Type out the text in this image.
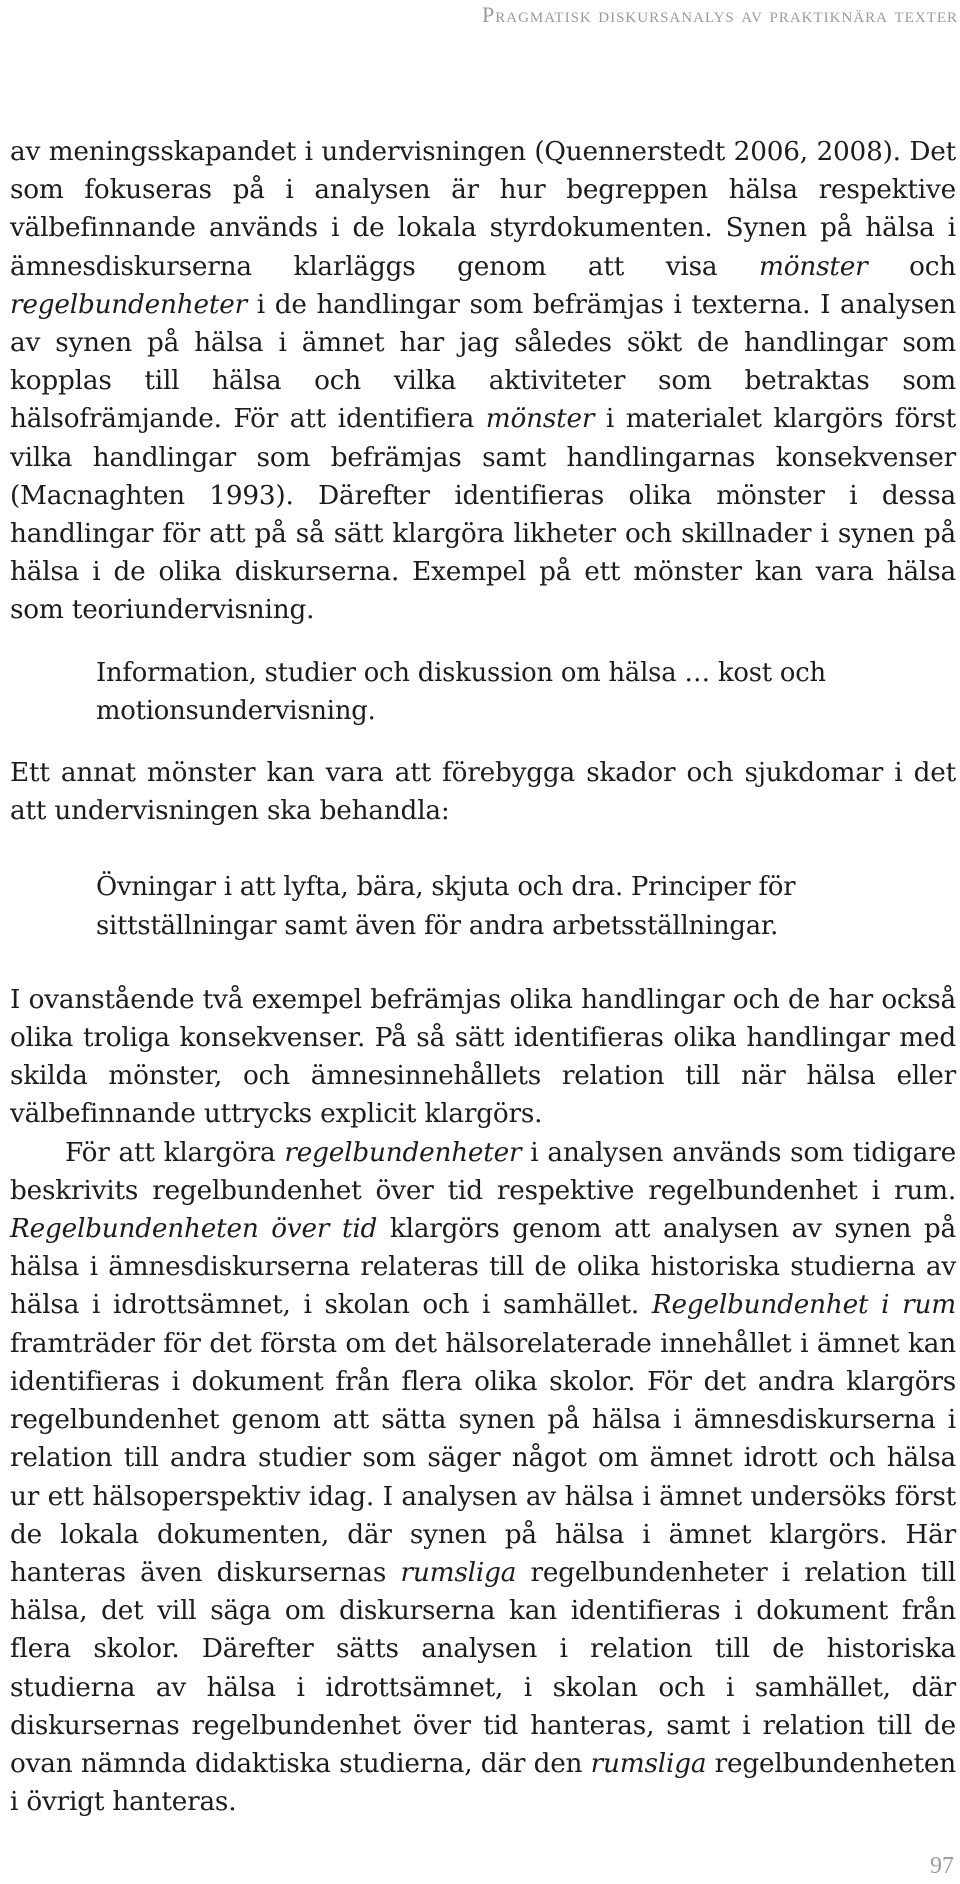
Pragmatisk diskursanalys av praktiknära texter

av meningsskapandet i undervisningen (Quennerstedt 2006, 2008). Det som fokuseras på i analysen är hur begreppen hälsa respektive välbefinnande används i de lokala styrdokumenten. Synen på hälsa i ämnesdiskurserna klarläggs genom att visa mönster och regelbundenheter i de handlingar som befrämjas i texterna. I analysen av synen på hälsa i ämnet har jag således sökt de handlingar som kopplas till hälsa och vilka aktiviteter som betraktas som hälsofrämjande. För att identifiera mönster i materialet klargörs först vilka handlingar som befrämjas samt handlingarnas konsekvenser (Macnaghten 1993). Därefter identifieras olika mönster i dessa handlingar för att på så sätt klargöra likheter och skillnader i synen på hälsa i de olika diskurserna. Exempel på ett mönster kan vara hälsa som teoriundervisning.

Information, studier och diskussion om hälsa … kost och motionsundervisning.

Ett annat mönster kan vara att förebygga skador och sjukdomar i det att undervisningen ska behandla:

Övningar i att lyfta, bära, skjuta och dra. Principer för sittställningar samt även för andra arbetsställningar.

I ovanstående två exempel befrämjas olika handlingar och de har också olika troliga konsekvenser. På så sätt identifieras olika handlingar med skilda mönster, och ämnesinnehållets relation till när hälsa eller välbefinnande uttrycks explicit klargörs.

För att klargöra regelbundenheter i analysen används som tidigare beskrivits regelbundenhet över tid respektive regelbundenhet i rum. Regelbundenheten över tid klargörs genom att analysen av synen på hälsa i ämnesdiskurserna relateras till de olika historiska studierna av hälsa i idrottsämnet, i skolan och i samhället. Regelbundenhet i rum framträder för det första om det hälsorelaterade innehållet i ämnet kan identifieras i dokument från flera olika skolor. För det andra klargörs regelbundenhet genom att sätta synen på hälsa i ämnesdiskurserna i relation till andra studier som säger något om ämnet idrott och hälsa ur ett hälsoperspektiv idag. I analysen av hälsa i ämnet undersöks först de lokala dokumenten, där synen på hälsa i ämnet klargörs. Här hanteras även diskursernas rumsliga regelbundenheter i relation till hälsa, det vill säga om diskurserna kan identifieras i dokument från flera skolor. Därefter sätts analysen i relation till de historiska studierna av hälsa i idrottsämnet, i skolan och i samhället, där diskursernas regelbundenhet över tid hanteras, samt i relation till de ovan nämnda didaktiska studierna, där den rumsliga regelbundenheten i övrigt hanteras.

97
